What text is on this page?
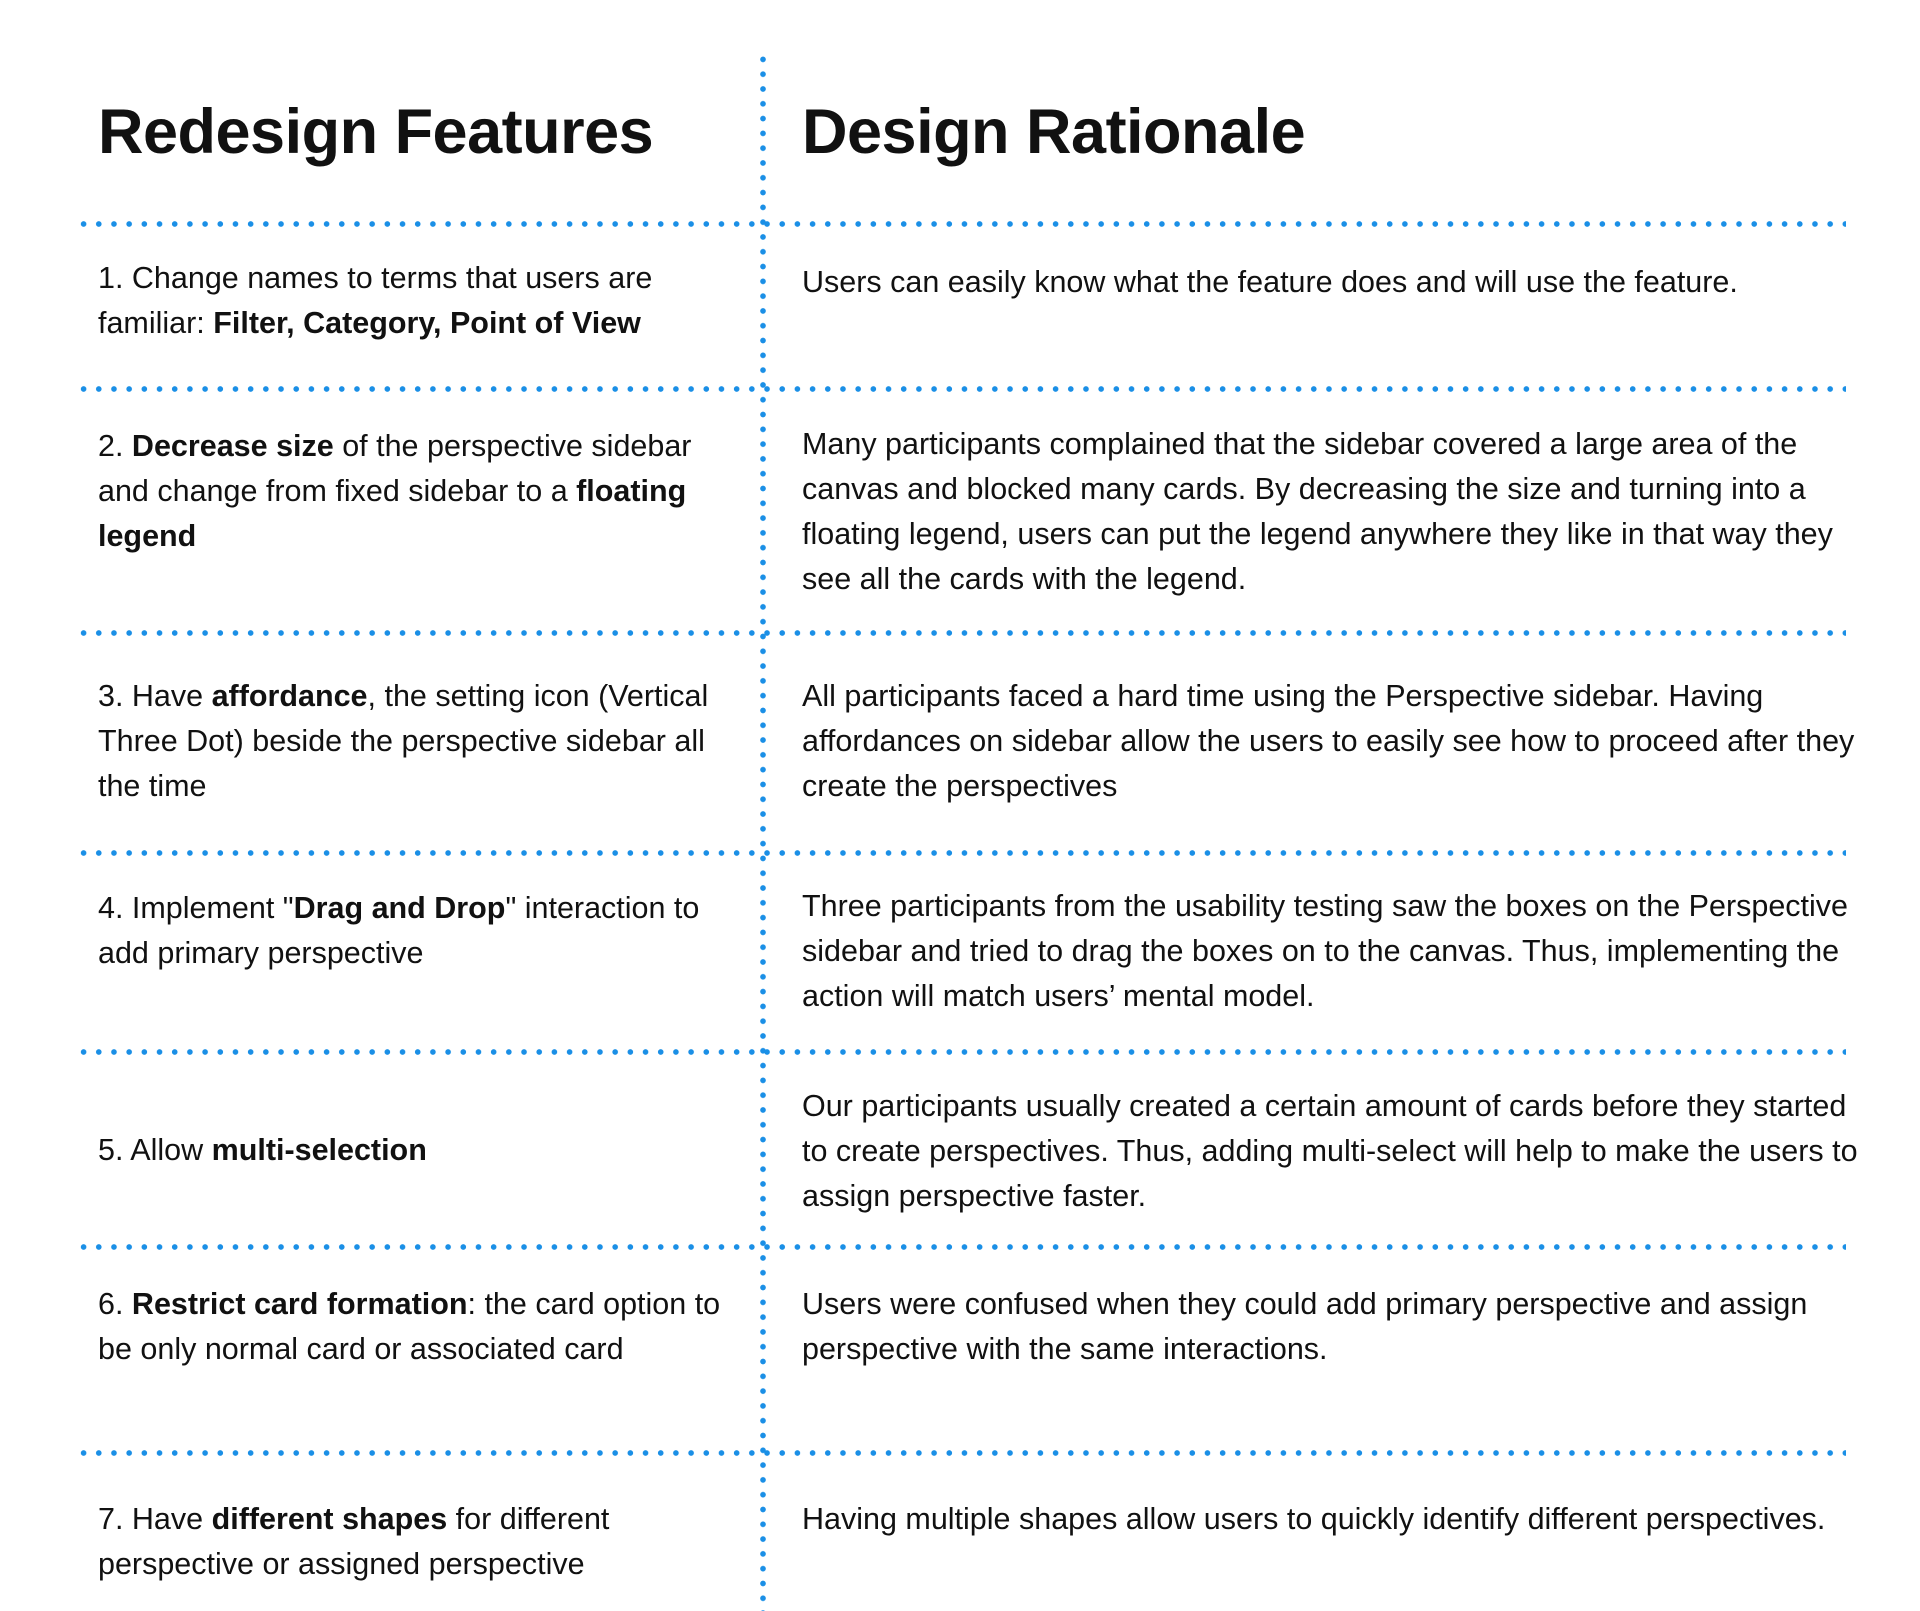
Redesign Features Design Rationale

1. Change names to terms that users are familiar: Filter, Category, Point of View

Users can easily know what the feature does and will use the feature.

2. Decrease size of the perspective sidebar and change from fixed sidebar to a floating legend

Many participants complained that the sidebar covered a large area of the canvas and blocked many cards. By decreasing the size and turning into a floating legend, users can put the legend anywhere they like in that way they see all the cards with the legend.

3. Have affordance, the setting icon (Vertical Three Dot) beside the perspective sidebar all the time

All participants faced a hard time using the Perspective sidebar. Having affordances on sidebar allow the users to easily see how to proceed after they create the perspectives

4. Implement "Drag and Drop" interaction to add primary perspective

Three participants from the usability testing saw the boxes on the Perspective sidebar and tried to drag the boxes on to the canvas. Thus, implementing the action will match users’ mental model.

5. Allow multi-selection

Our participants usually created a certain amount of cards before they started to create perspectives. Thus, adding multi-select will help to make the users to assign perspective faster.

6. Restrict card formation: the card option to be only normal card or associated card

Users were confused when they could add primary perspective and assign perspective with the same interactions.

7. Have different shapes for different perspective or assigned perspective

Having multiple shapes allow users to quickly identify different perspectives.
